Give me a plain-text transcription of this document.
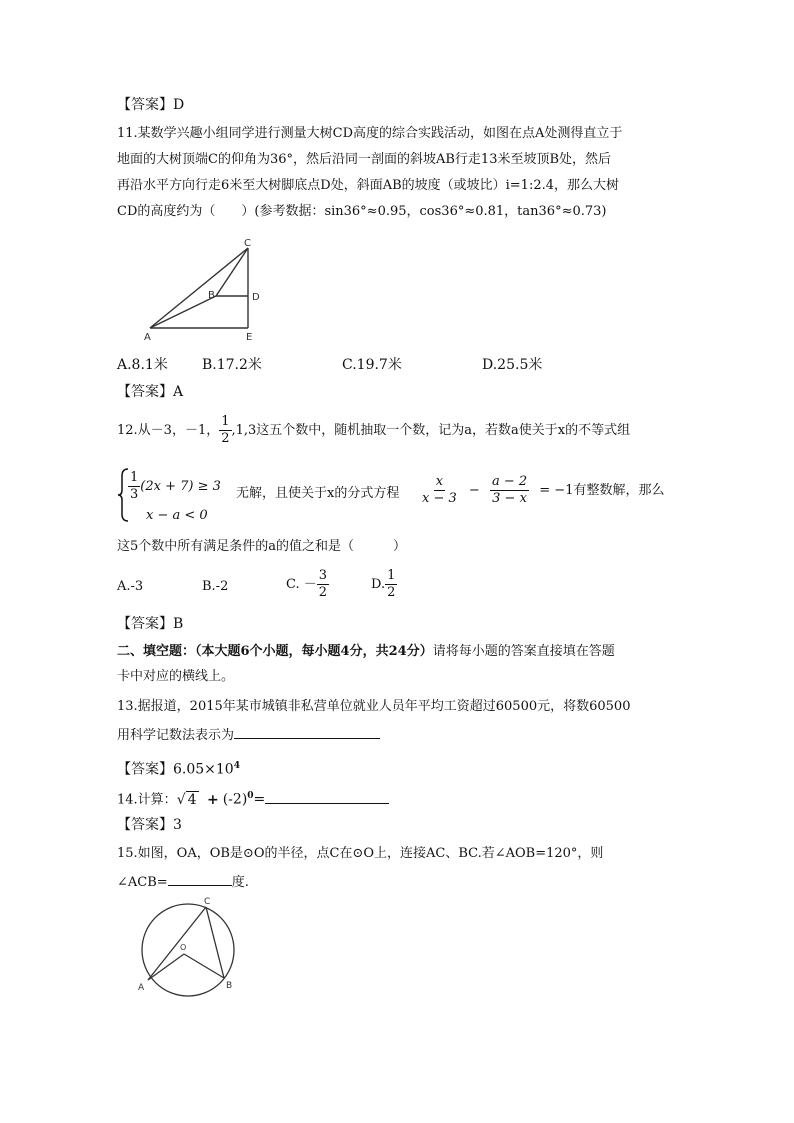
【答案】D
11.某数学兴趣小组同学进行测量大树CD高度的综合实践活动，如图在点A处测得直立于
地面的大树顶端C的仰角为36°，然后沿同一剖面的斜坡AB行走13米至坡顶B处，然后
再沿水平方向行走6米至大树脚底点D处，斜面AB的坡度（或坡比）i=1:2.4，那么大树
CD的高度约为（　　）(参考数据：sin36°≈0.95，cos36°≈0.81，tan36°≈0.73)
C
B	D
A	E
A.8.1米 B.17.2米	C.19.7米	D.25.5米
【答案】A
12.从－3，－1， $\frac{1}{2} ,1,3$这五个数中，随机抽取一个数，记为a，若数a使关于x的不等式组
$\frac{1}{3} (2x + 7) \ge 3$
x − a < 0
无解，且使关于x的分式方程 $\frac{x}{x - 3} - \frac{a - 2}{3 - x} = -1$有整数解，那么
这5个数中所有满足条件的a的值之和是（　　　）
A.-3	B.-2	C. － $\frac{3}{2}$	D. $\frac{1}{2}$
【答案】B
二、填空题：（本大题6个小题，每小题4分，共24分）请将每小题的答案直接填在答题
卡中对应的横线上。
13.据报道，2015年某市城镇非私营单位就业人员年平均工资超过60500元，将数60500
用科学记数法表示为
【答案】$6.05\times 10^4$
14.计算：√ $4 + (-2)^0=$
【答案】3
15.如图，OA，OB是⊙O的半径，点C在⊙O上，连接AC、BC.若∠AOB=120°，则
∠ACB=	度.
C
O
A	B
